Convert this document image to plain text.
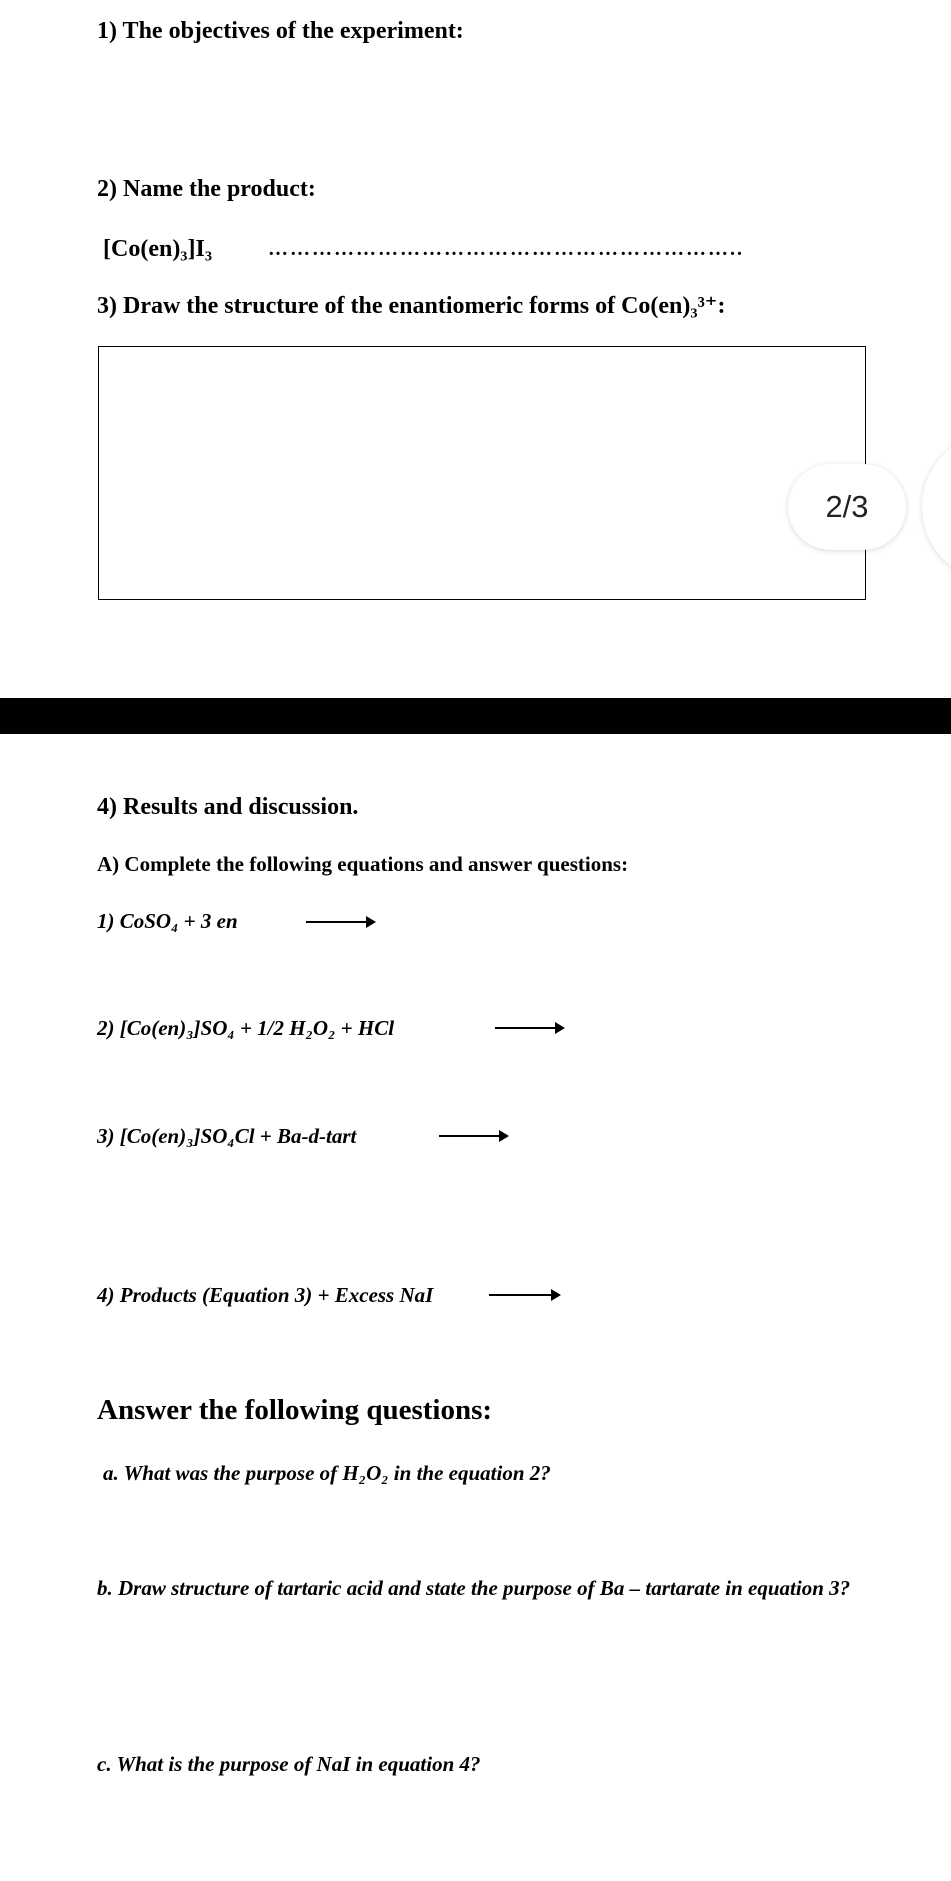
1) The objectives of the experiment:
2) Name the product:
[Co(en)₃]I₃	………………………………………………………..
3) Draw the structure of the enantiomeric forms of Co(en)₃³⁺:
2/3
4) Results and discussion.
A) Complete the following equations and answer questions:
1) CoSO₄ + 3 en
2) [Co(en)₃]SO₄ + 1/2 H₂O₂ + HCl
3) [Co(en)₃]SO₄Cl + Ba-d-tart
4) Products (Equation 3) + Excess NaI
Answer the following questions:
a. What was the purpose of H₂O₂ in the equation 2?
b. Draw structure of tartaric acid and state the purpose of Ba – tartarate in equation 3?
c. What is the purpose of NaI in equation 4?
